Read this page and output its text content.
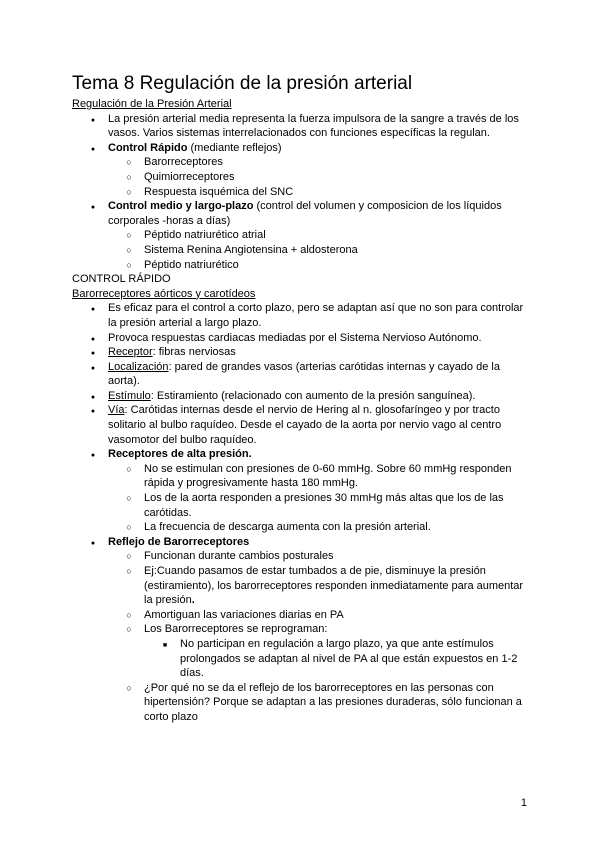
Tema 8 Regulación de la presión arterial
Regulación de la Presión Arterial
●
La presión arterial media representa la fuerza impulsora de la sangre a través de los vasos. Varios sistemas interrelacionados con funciones específicas la regulan.
●
Control Rápido (mediante reflejos)
○
Barorreceptores
○
Quimiorreceptores
○
Respuesta isquémica del SNC
●
Control medio y largo-plazo (control del volumen y composicion de los líquidos corporales -horas a días)
○
Péptido natriurético atrial
○
Sistema Renina Angiotensina + aldosterona
○
Péptido natriurético
CONTROL RÁPIDO
Barorreceptores aórticos y carotídeos
●
Es eficaz para el control a corto plazo, pero se adaptan así que no son para controlar la presión arterial a largo plazo.
●
Provoca respuestas cardiacas mediadas por el Sistema Nervioso Autónomo.
●
Receptor: fibras nerviosas
●
Localización: pared de grandes vasos (arterias carótidas internas y cayado de la aorta).
●
Estímulo: Estiramiento (relacionado con aumento de la presión sanguínea).
●
Vía: Carótidas internas desde el nervio de Hering al n. glosofaríngeo y por tracto solitario al bulbo raquídeo. Desde el cayado de la aorta por nervio vago al centro vasomotor del bulbo raquídeo.
●
Receptores de alta presión.
○
No se estimulan con presiones de 0-60 mmHg. Sobre 60 mmHg responden rápida y progresivamente hasta 180 mmHg.
○
Los de la aorta responden a presiones 30 mmHg más altas que los de las carótidas.
○
La frecuencia de descarga aumenta con la presión arterial.
●
Reflejo de Barorreceptores
○
Funcionan durante cambios posturales
○
Ej:Cuando pasamos de estar tumbados a de pie, disminuye la presión (estiramiento), los barorreceptores responden inmediatamente para aumentar la presión.
○
Amortiguan las variaciones diarias en PA
○
Los Barorreceptores se reprograman:
■
No participan en regulación a largo plazo, ya que ante estímulos prolongados se adaptan al nivel de PA al que están expuestos en 1-2 días.
○
¿Por qué no se da el reflejo de los barorreceptores en las personas con hipertensión? Porque se adaptan a las presiones duraderas, sólo funcionan a corto plazo
1
